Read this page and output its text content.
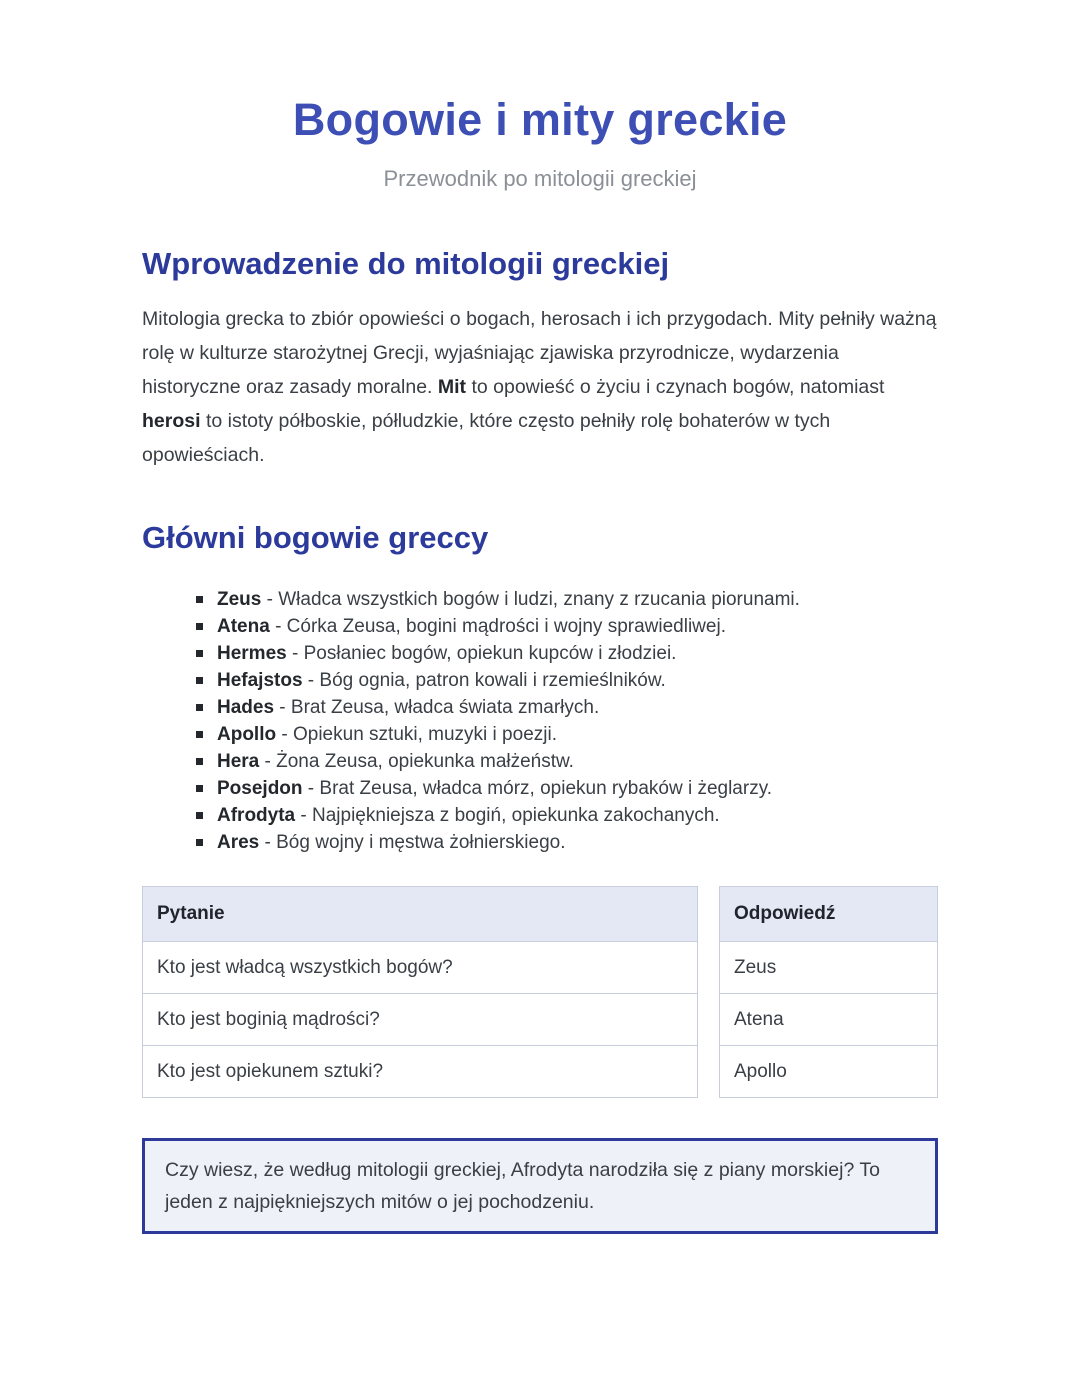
Bogowie i mity greckie
Przewodnik po mitologii greckiej
Wprowadzenie do mitologii greckiej

Mitologia grecka to zbiór opowieści o bogach, herosach i ich przygodach. Mity pełniły ważną rolę w kulturze starożytnej Grecji, wyjaśniając zjawiska przyrodnicze, wydarzenia historyczne oraz zasady moralne. Mit to opowieść o życiu i czynach bogów, natomiast herosi to istoty półboskie, półludzkie, które często pełniły rolę bohaterów w tych opowieściach.

Główni bogowie greccy
Zeus - Władca wszystkich bogów i ludzi, znany z rzucania piorunami.
Atena - Córka Zeusa, bogini mądrości i wojny sprawiedliwej.
Hermes - Posłaniec bogów, opiekun kupców i złodziei.
Hefajstos - Bóg ognia, patron kowali i rzemieślników.
Hades - Brat Zeusa, władca świata zmarłych.
Apollo - Opiekun sztuki, muzyki i poezji.
Hera - Żona Zeusa, opiekunka małżeństw.
Posejdon - Brat Zeusa, władca mórz, opiekun rybaków i żeglarzy.
Afrodyta - Najpiękniejsza z bogiń, opiekunka zakochanych.
Ares - Bóg wojny i męstwa żołnierskiego.
Pytanie	Odpowiedź
Kto jest władcą wszystkich bogów?	Zeus
Kto jest boginią mądrości?	Atena
Kto jest opiekunem sztuki?	Apollo

Czy wiesz, że według mitologii greckiej, Afrodyta narodziła się z piany morskiej? To jeden z najpiękniejszych mitów o jej pochodzeniu.
